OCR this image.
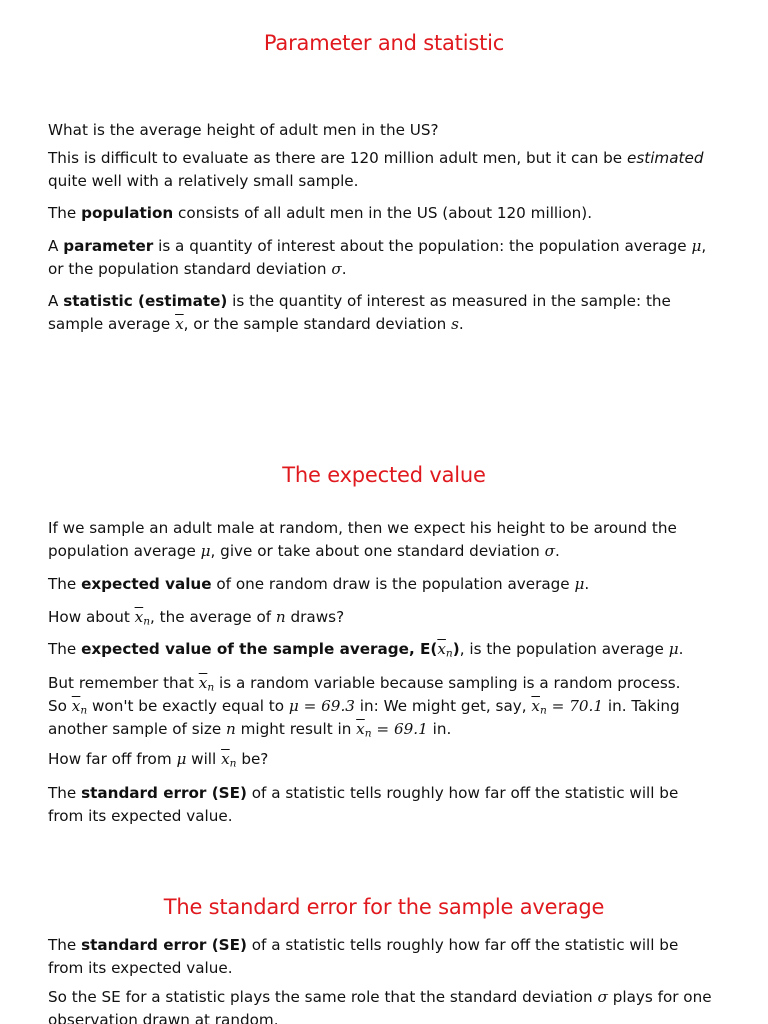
Parameter and statistic

What is the average height of adult men in the US?

This is difficult to evaluate as there are 120 million adult men, but it can be estimated
quite well with a relatively small sample.

The population consists of all adult men in the US (about 120 million).

A parameter is a quantity of interest about the population: the population average μ,
or the population standard deviation σ.

A statistic (estimate) is the quantity of interest as measured in the sample: the
sample average $\overline{x}$, or the sample standard deviation s.

The expected value

If we sample an adult male at random, then we expect his height to be around the
population average μ, give or take about one standard deviation σ.

The expected value of one random draw is the population average μ.

How about $\overline{x}_n$, the average of n draws?

The expected value of the sample average, $E(\overline{x}_n)$, is the population average μ.

But remember that $\overline{x}_n$ is a random variable because sampling is a random process.
So $\overline{x}_n$ won't be exactly equal to μ = 69.3 in: We might get, say, $\overline{x}_n = 70.1$ in. Taking
another sample of size n might result in $\overline{x}_n = 69.1$ in.

How far off from μ will $\overline{x}_n$ be?

The standard error (SE) of a statistic tells roughly how far off the statistic will be
from its expected value.

The standard error for the sample average

The standard error (SE) of a statistic tells roughly how far off the statistic will be
from its expected value.

So the SE for a statistic plays the same role that the standard deviation σ plays for one
observation drawn at random.
